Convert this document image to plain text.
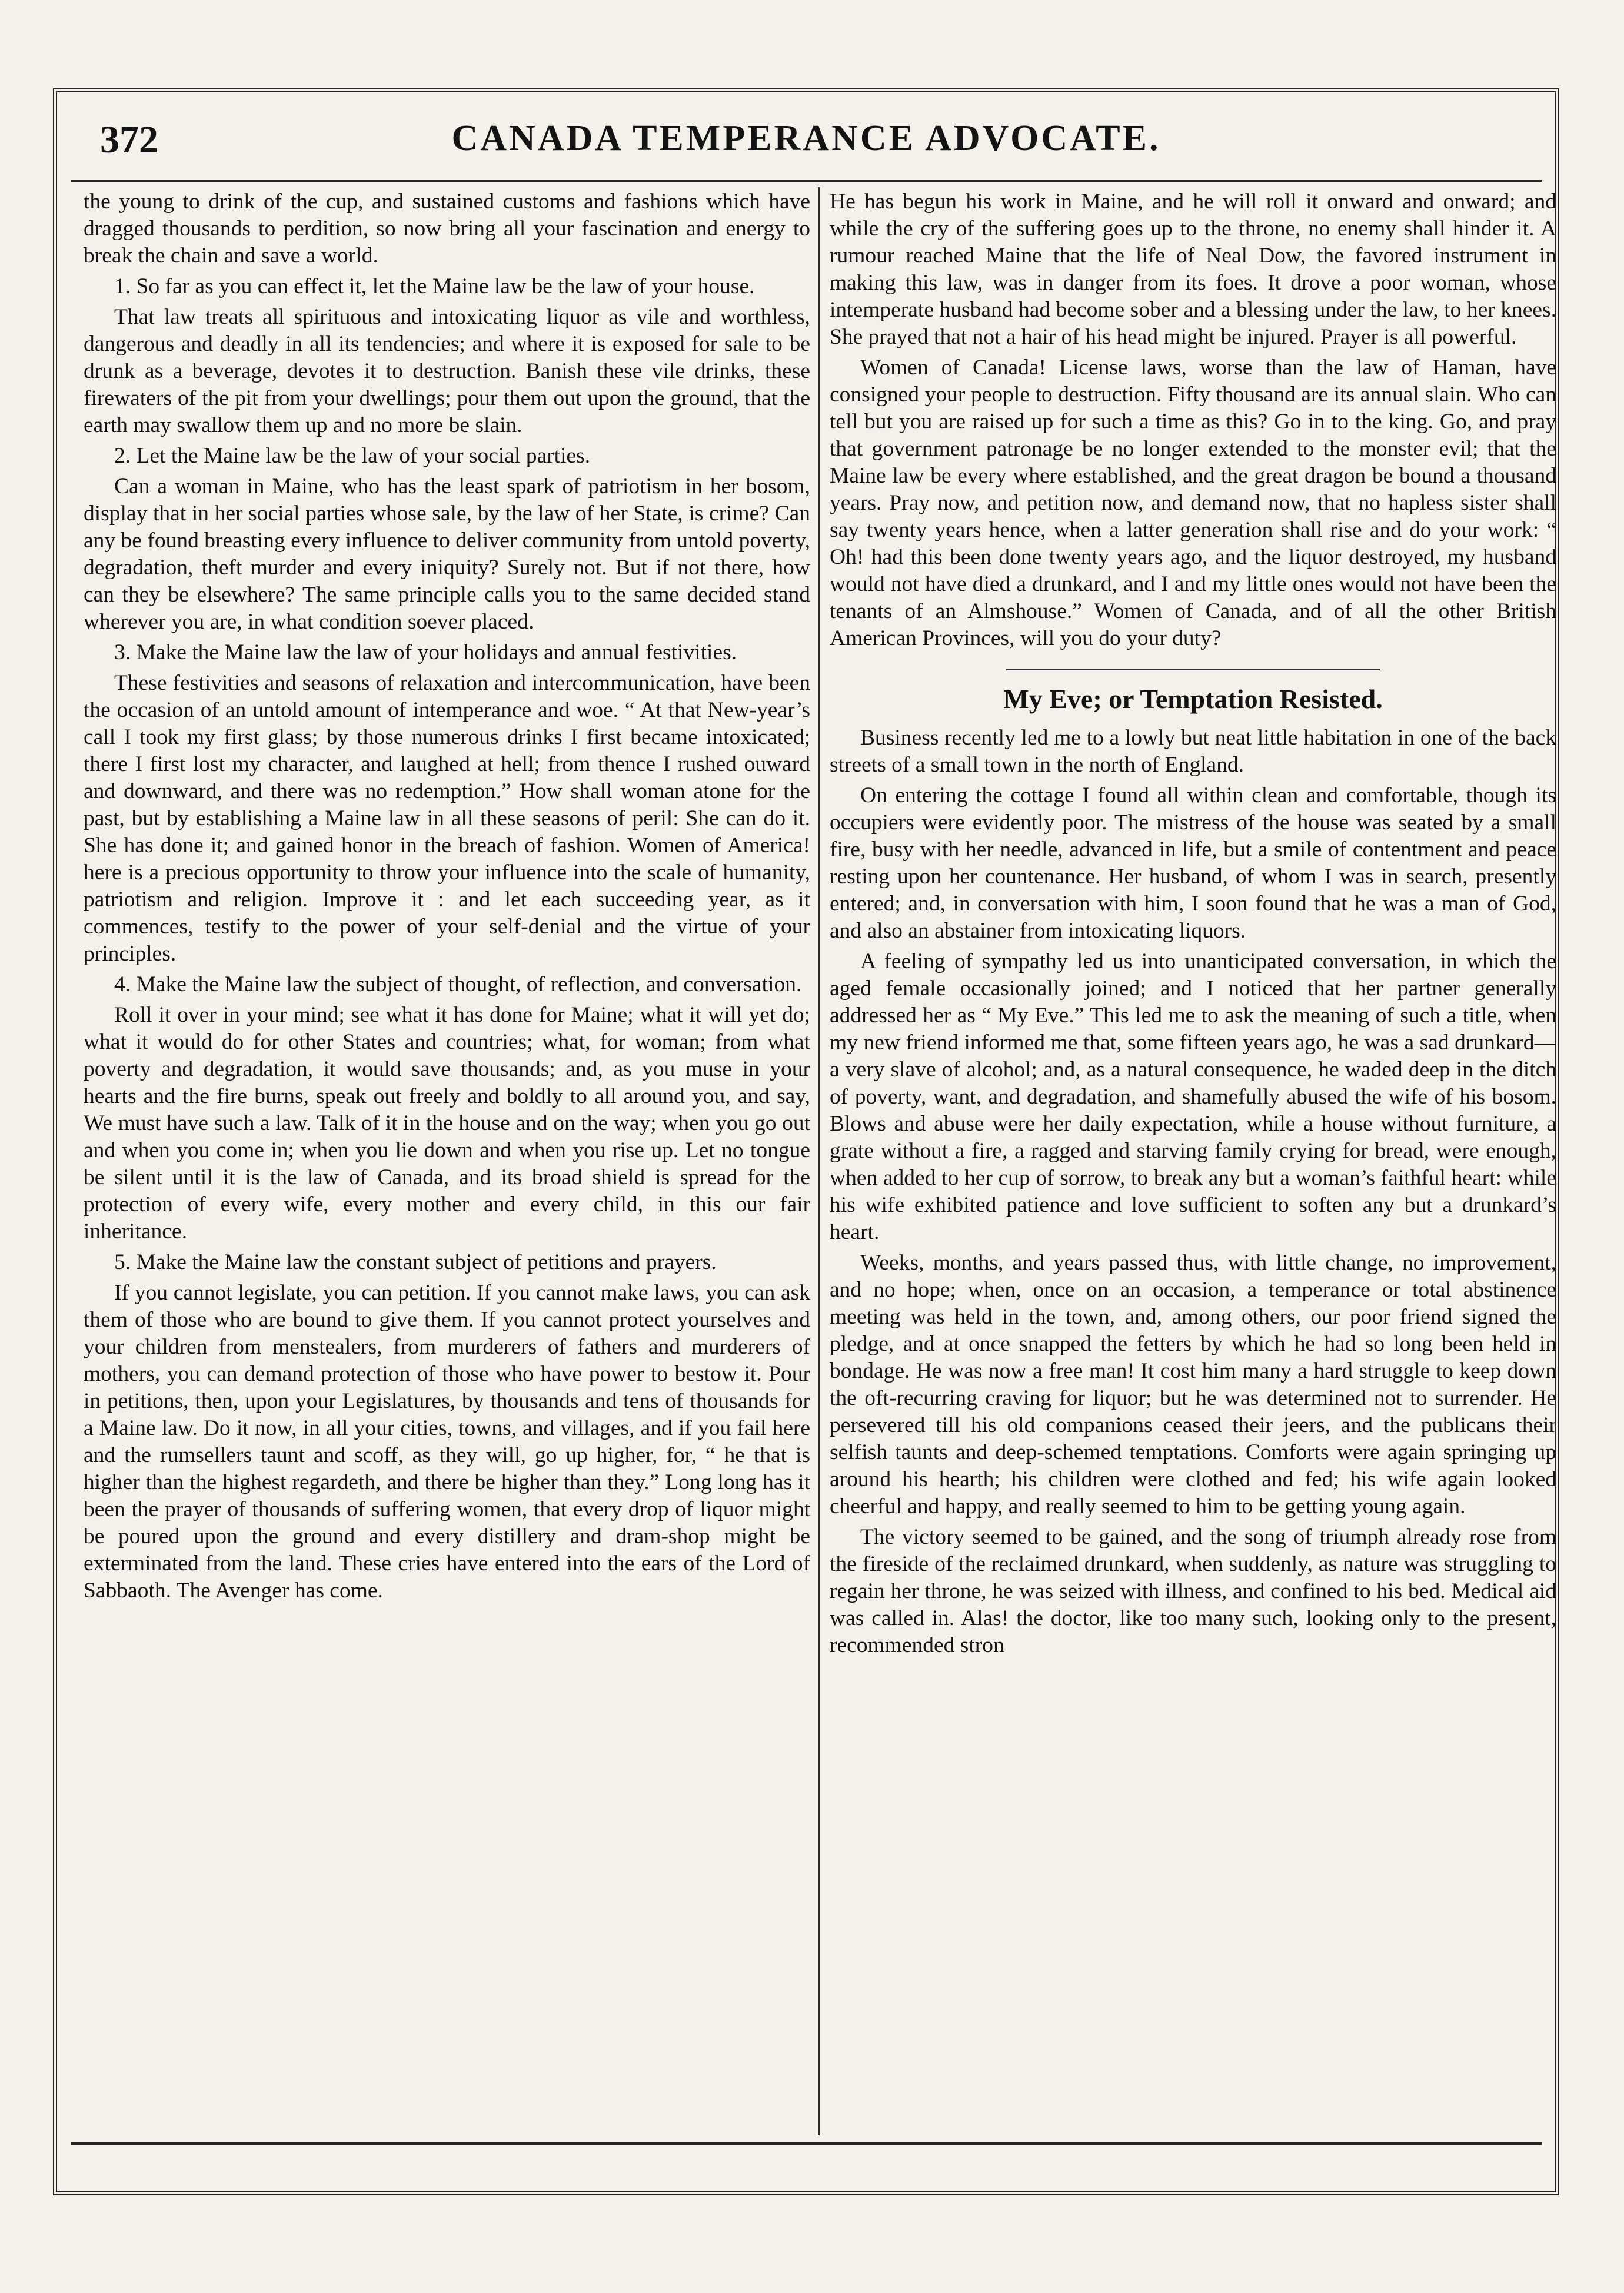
372	CANADA TEMPERANCE ADVOCATE.

the young to drink of the cup, and sustained customs and fashions which have dragged thousands to perdition, so now bring all your fascination and energy to break the chain and save a world.

1. So far as you can effect it, let the Maine law be the law of your house.

That law treats all spirituous and intoxicating liquor as vile and worthless, dangerous and deadly in all its tendencies; and where it is exposed for sale to be drunk as a beverage, devotes it to destruction. Banish these vile drinks, these firewaters of the pit from your dwellings; pour them out upon the ground, that the earth may swallow them up and no more be slain.

2. Let the Maine law be the law of your social parties.

Can a woman in Maine, who has the least spark of patriotism in her bosom, display that in her social parties whose sale, by the law of her State, is crime? Can any be found breasting every influence to deliver community from untold poverty, degradation, theft murder and every iniquity? Surely not. But if not there, how can they be elsewhere? The same principle calls you to the same decided stand wherever you are, in what condition soever placed.

3. Make the Maine law the law of your holidays and annual festivities.

These festivities and seasons of relaxation and intercommunication, have been the occasion of an untold amount of intemperance and woe. “ At that New-year’s call I took my first glass; by those numerous drinks I first became intoxicated; there I first lost my character, and laughed at hell; from thence I rushed ouward and downward, and there was no redemption.” How shall woman atone for the past, but by establishing a Maine law in all these seasons of peril: She can do it. She has done it; and gained honor in the breach of fashion. Women of America! here is a precious opportunity to throw your influence into the scale of humanity, patriotism and religion. Improve it : and let each succeeding year, as it commences, testify to the power of your self-denial and the virtue of your principles.

4. Make the Maine law the subject of thought, of reflection, and conversation.

Roll it over in your mind; see what it has done for Maine; what it will yet do; what it would do for other States and countries; what, for woman; from what poverty and degradation, it would save thousands; and, as you muse in your hearts and the fire burns, speak out freely and boldly to all around you, and say, We must have such a law. Talk of it in the house and on the way; when you go out and when you come in; when you lie down and when you rise up. Let no tongue be silent until it is the law of Canada, and its broad shield is spread for the protection of every wife, every mother and every child, in this our fair inheritance.

5. Make the Maine law the constant subject of petitions and prayers.

If you cannot legislate, you can petition. If you cannot make laws, you can ask them of those who are bound to give them. If you cannot protect yourselves and your children from menstealers, from murderers of fathers and murderers of mothers, you can demand protection of those who have power to bestow it. Pour in petitions, then, upon your Legislatures, by thousands and tens of thousands for a Maine law. Do it now, in all your cities, towns, and villages, and if you fail here and the rumsellers taunt and scoff, as they will, go up higher, for, “ he that is higher than the highest regardeth, and there be higher than they.” Long long has it been the prayer of thousands of suffering women, that every drop of liquor might be poured upon the ground and every distillery and dram-shop might be exterminated from the land. These cries have entered into the ears of the Lord of Sabbaoth. The Avenger has come.

He has begun his work in Maine, and he will roll it onward and onward; and while the cry of the suffering goes up to the throne, no enemy shall hinder it. A rumour reached Maine that the life of Neal Dow, the favored instrument in making this law, was in danger from its foes. It drove a poor woman, whose intemperate husband had become sober and a blessing under the law, to her knees. She prayed that not a hair of his head might be injured. Prayer is all powerful.

Women of Canada! License laws, worse than the law of Haman, have consigned your people to destruction. Fifty thousand are its annual slain. Who can tell but you are raised up for such a time as this? Go in to the king. Go, and pray that government patronage be no longer extended to the monster evil; that the Maine law be every where established, and the great dragon be bound a thousand years. Pray now, and petition now, and demand now, that no hapless sister shall say twenty years hence, when a latter generation shall rise and do your work: “ Oh! had this been done twenty years ago, and the liquor destroyed, my husband would not have died a drunkard, and I and my little ones would not have been the tenants of an Almshouse.” Women of Canada, and of all the other British American Provinces, will you do your duty?

My Eve; or Temptation Resisted.

Business recently led me to a lowly but neat little habitation in one of the back streets of a small town in the north of England.

On entering the cottage I found all within clean and comfortable, though its occupiers were evidently poor. The mistress of the house was seated by a small fire, busy with her needle, advanced in life, but a smile of contentment and peace resting upon her countenance. Her husband, of whom I was in search, presently entered; and, in conversation with him, I soon found that he was a man of God, and also an abstainer from intoxicating liquors.

A feeling of sympathy led us into unanticipated conversation, in which the aged female occasionally joined; and I noticed that her partner generally addressed her as “ My Eve.” This led me to ask the meaning of such a title, when my new friend informed me that, some fifteen years ago, he was a sad drunkard—a very slave of alcohol; and, as a natural consequence, he waded deep in the ditch of poverty, want, and degradation, and shamefully abused the wife of his bosom. Blows and abuse were her daily expectation, while a house without furniture, a grate without a fire, a ragged and starving family crying for bread, were enough, when added to her cup of sorrow, to break any but a woman’s faithful heart: while his wife exhibited patience and love sufficient to soften any but a drunkard’s heart.

Weeks, months, and years passed thus, with little change, no improvement, and no hope; when, once on an occasion, a temperance or total abstinence meeting was held in the town, and, among others, our poor friend signed the pledge, and at once snapped the fetters by which he had so long been held in bondage. He was now a free man! It cost him many a hard struggle to keep down the oft-recurring craving for liquor; but he was determined not to surrender. He persevered till his old companions ceased their jeers, and the publicans their selfish taunts and deep-schemed temptations. Comforts were again springing up around his hearth; his children were clothed and fed; his wife again looked cheerful and happy, and really seemed to him to be getting young again.

The victory seemed to be gained, and the song of triumph already rose from the fireside of the reclaimed drunkard, when suddenly, as nature was struggling to regain her throne, he was seized with illness, and confined to his bed. Medical aid was called in. Alas! the doctor, like too many such, looking only to the present, recommended stron
